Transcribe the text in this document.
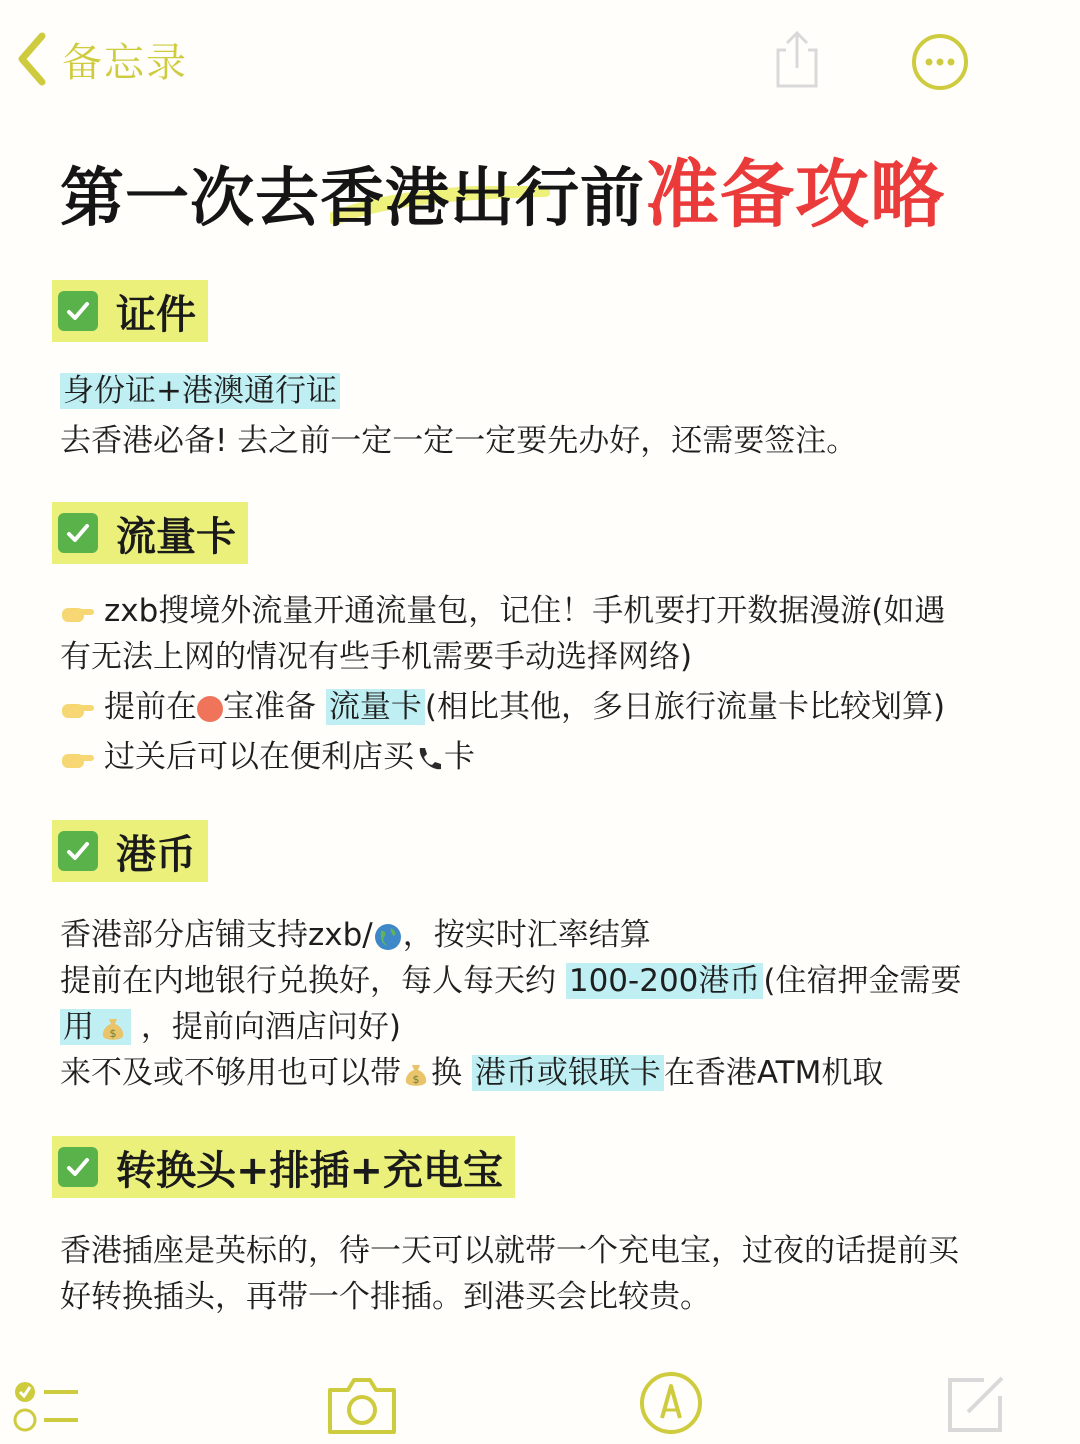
备忘录
第一次去香港出行前准备攻略
证件
身份证+港澳通行证
去香港必备! 去之前一定一定一定要先办好，还需要签注。
流量卡
zxb搜境外流量开通流量包，记住！手机要打开数据漫游(如遇
有无法上网的情况有些手机需要手动选择网络)
提前在 宝准备 流量卡(相比其他，多日旅行流量卡比较划算)
过关后可以在便利店买 卡
港币
香港部分店铺支持zxb/ ，按实时汇率结算
提前在内地银行兑换好，每人每天约 100-200港币(住宿押金需要
用 $ ，提前向酒店问好)
来不及或不够用也可以带 $ 换 港币或银联卡在香港ATM机取
转换头+排插+充电宝
香港插座是英标的，待一天可以就带一个充电宝，过夜的话提前买
好转换插头，再带一个排插。到港买会比较贵。
